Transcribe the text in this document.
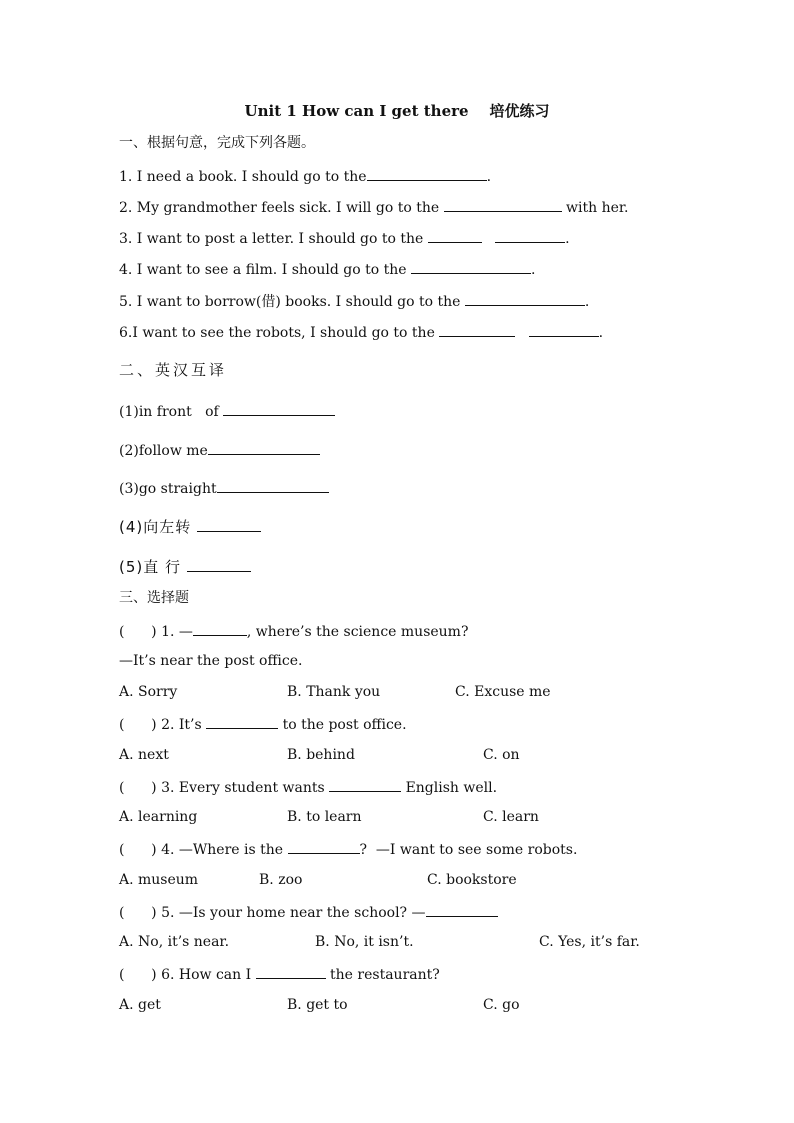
Unit 1 How can I get there    培优练习
一、根据句意，完成下列各题。
1. I need a book. I should go to the	.
2. My grandmother feels sick. I will go to the	with her.
3. I want to post a letter. I should go to the	.
4. I want to see a film. I should go to the	.
5. I want to borrow(借) books. I should go to the	.
6.I want to see the robots, I should go to the	.
二、英汉互译
(1)in front   of
(2)follow me
(3)go straight
(4)向左转
(5)直 行
三、选择题
(      ) 1. —	, where’s the science museum?
—It’s near the post office.
A. Sorry	B. Thank you	C. Excuse me
(      ) 2. It’s	to the post office.
A. next	B. behind	C. on
(      ) 3. Every student wants	English well.
A. learning	B. to learn	C. learn
(      ) 4. —Where is the	?  —I want to see some robots.
A. museum	B. zoo	C. bookstore
(      ) 5. —Is your home near the school? —
A. No, it’s near.	B. No, it isn’t.	C. Yes, it’s far.
(      ) 6. How can I	the restaurant?
A. get	B. get to	C. go
